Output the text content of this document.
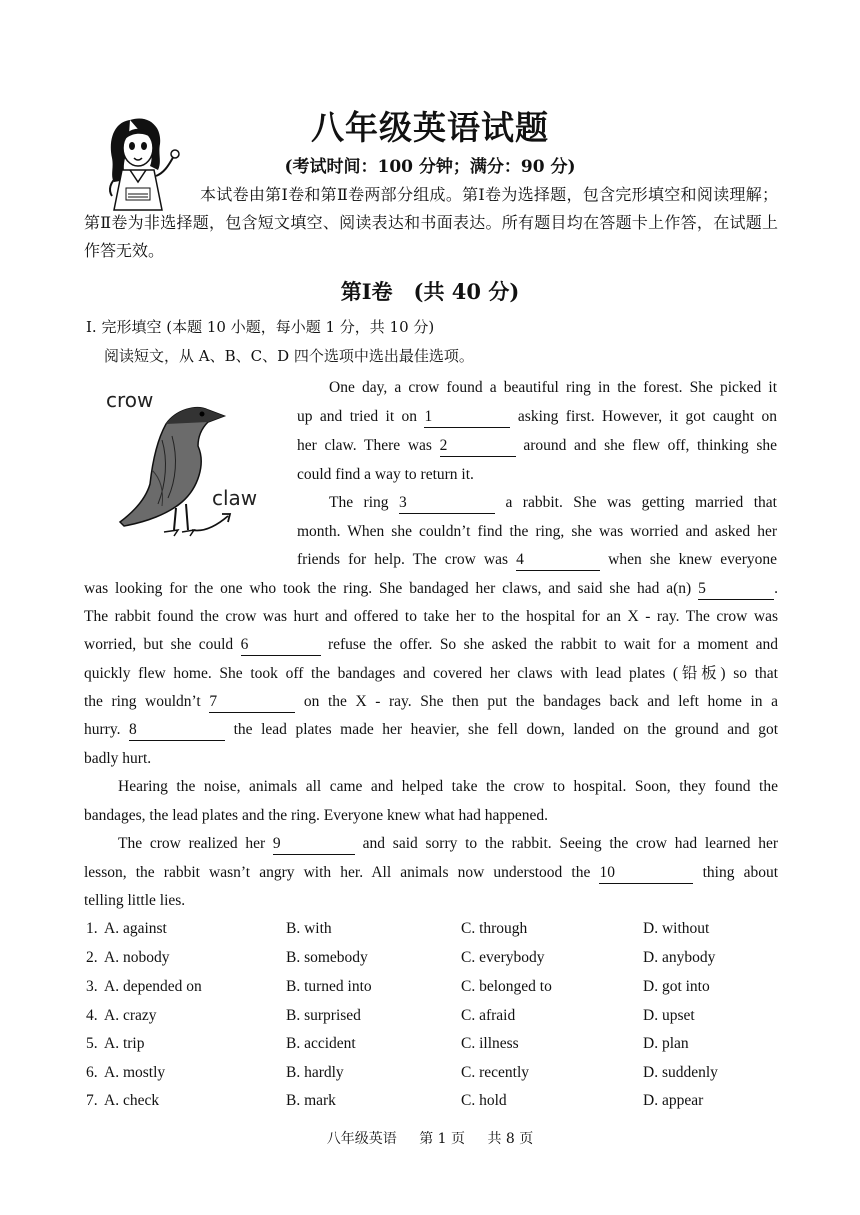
八年级英语试题
(考试时间：100 分钟；满分：90 分)
本试卷由第Ⅰ卷和第Ⅱ卷两部分组成。第Ⅰ卷为选择题，包含完形填空和阅读理解；第Ⅱ卷为非选择题，包含短文填空、阅读表达和书面表达。所有题目均在答题卡上作答，在试题上作答无效。
第Ⅰ卷　(共 40 分)
I. 完形填空 (本题 10 小题，每小题 1 分，共 10 分)
阅读短文，从 A、B、C、D 四个选项中选出最佳选项。
crow
claw
One day, a crow found a beautiful ring in the forest. She picked it
up and tried it on 1	asking first. However, it got caught on
her claw. There was 2	around and she flew off, thinking she
could find a way to return it.
The ring 3	a rabbit. She was getting married that
month. When she couldn’t find the ring, she was worried and asked her
friends for help. The crow was 4	when she knew everyone
was looking for the one who took the ring. She bandaged her claws, and said she had a(n) 5	.
The rabbit found the crow was hurt and offered to take her to the hospital for an X - ray. The crow was
worried, but she could 6	refuse the offer. So she asked the rabbit to wait for a moment and
quickly flew home. She took off the bandages and covered her claws with lead plates (铅板) so that
the ring wouldn’t 7	on the X - ray. She then put the bandages back and left home in a
hurry. 8	the lead plates made her heavier, she fell down, landed on the ground and got
badly hurt.
Hearing the noise, animals all came and helped take the crow to hospital. Soon, they found the
bandages, the lead plates and the ring. Everyone knew what had happened.
The crow realized her 9	and said sorry to the rabbit. Seeing the crow had learned her
lesson, the rabbit wasn’t angry with her. All animals now understood the 10	thing about
telling little lies.
1. A. against	B. with	C. through	D. without
2. A. nobody	B. somebody	C. everybody	D. anybody
3. A. depended on	B. turned into	C. belonged to	D. got into
4. A. crazy	B. surprised	C. afraid	D. upset
5. A. trip	B. accident	C. illness	D. plan
6. A. mostly	B. hardly	C. recently	D. suddenly
7. A. check	B. mark	C. hold	D. appear
八年级英语 第 1 页 共 8 页
